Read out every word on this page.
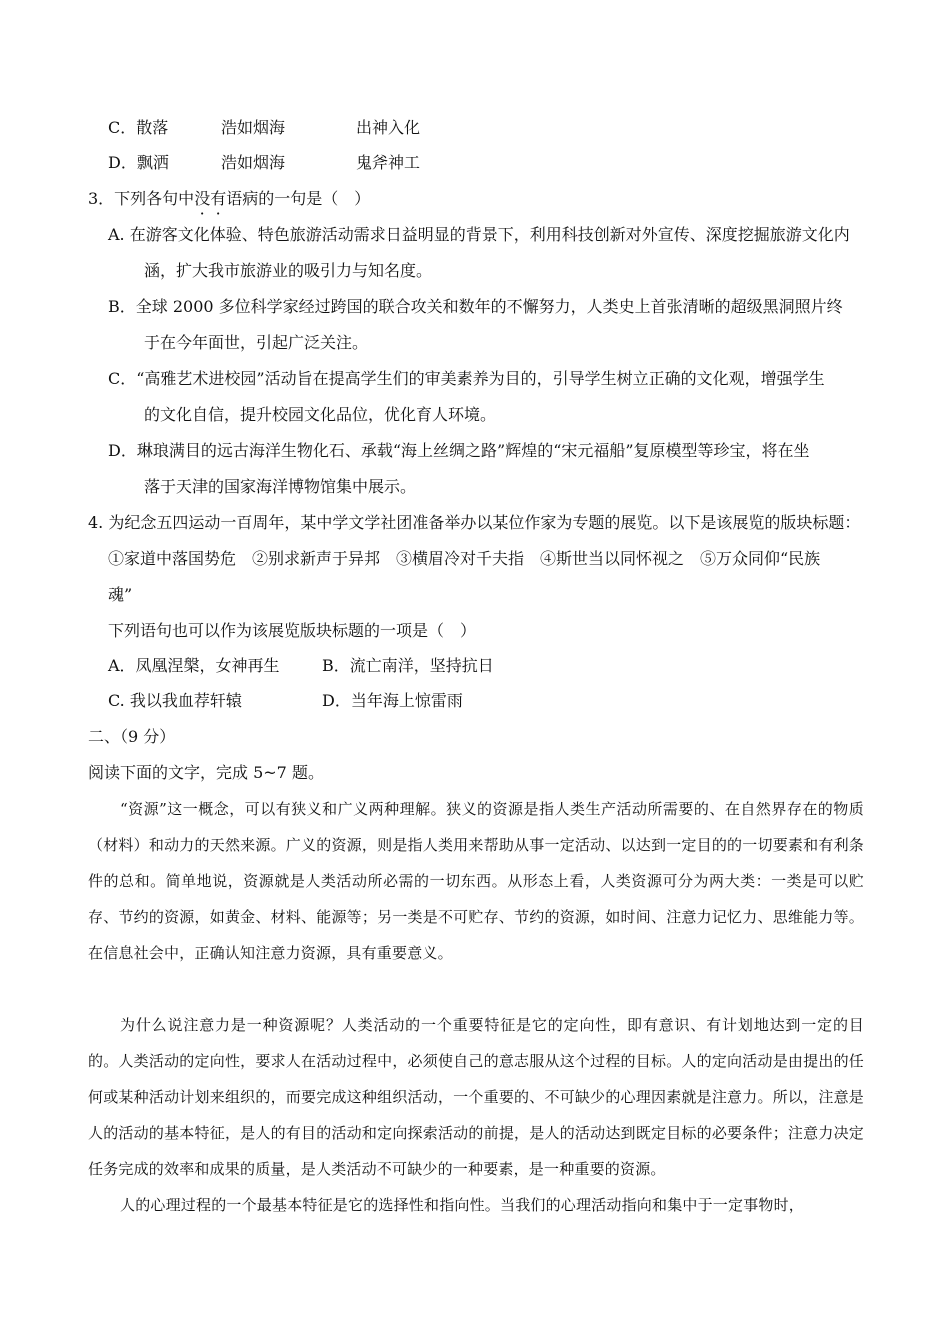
C．散落	浩如烟海	出神入化
D．飘洒	浩如烟海	鬼斧神工
3．下列各句中没有语病的一句是（　）
A. 在游客文化体验、特色旅游活动需求日益明显的背景下，利用科技创新对外宣传、深度挖掘旅游文化内
涵，扩大我市旅游业的吸引力与知名度。
B．全球 2000 多位科学家经过跨国的联合攻关和数年的不懈努力，人类史上首张清晰的超级黑洞照片终
于在今年面世，引起广泛关注。
C．“高雅艺术进校园”活动旨在提高学生们的审美素养为目的，引导学生树立正确的文化观，增强学生
的文化自信，提升校园文化品位，优化育人环境。
D．琳琅满目的远古海洋生物化石、承载“海上丝绸之路”辉煌的“宋元福船”复原模型等珍宝，将在坐
落于天津的国家海洋博物馆集中展示。
4. 为纪念五四运动一百周年，某中学文学社团准备举办以某位作家为专题的展览。以下是该展览的版块标题：
①家道中落国势危　②别求新声于异邦　③横眉冷对千夫指　④斯世当以同怀视之　⑤万众同仰“民族
魂”
下列语句也可以作为该展览版块标题的一项是（　）
A．凤凰涅槃，女神再生	B．流亡南洋，坚持抗日
C. 我以我血荐轩辕	D．当年海上惊雷雨
二、（9 分）
阅读下面的文字，完成 5~7 题。
“资源”这一概念，可以有狭义和广义两种理解。狭义的资源是指人类生产活动所需要的、在自然界存在的物质（材料）和动力的天然来源。广义的资源，则是指人类用来帮助从事一定活动、以达到一定目的的一切要素和有利条件的总和。简单地说，资源就是人类活动所必需的一切东西。从形态上看，人类资源可分为两大类：一类是可以贮存、节约的资源，如黄金、材料、能源等；另一类是不可贮存、节约的资源，如时间、注意力记忆力、思维能力等。在信息社会中，正确认知注意力资源，具有重要意义。
为什么说注意力是一种资源呢？人类活动的一个重要特征是它的定向性，即有意识、有计划地达到一定的目的。人类活动的定向性，要求人在活动过程中，必须使自己的意志服从这个过程的目标。人的定向活动是由提出的任何或某种活动计划来组织的，而要完成这种组织活动，一个重要的、不可缺少的心理因素就是注意力。所以，注意是人的活动的基本特征，是人的有目的活动和定向探索活动的前提，是人的活动达到既定目标的必要条件；注意力决定任务完成的效率和成果的质量，是人类活动不可缺少的一种要素，是一种重要的资源。
人的心理过程的一个最基本特征是它的选择性和指向性。当我们的心理活动指向和集中于一定事物时，
